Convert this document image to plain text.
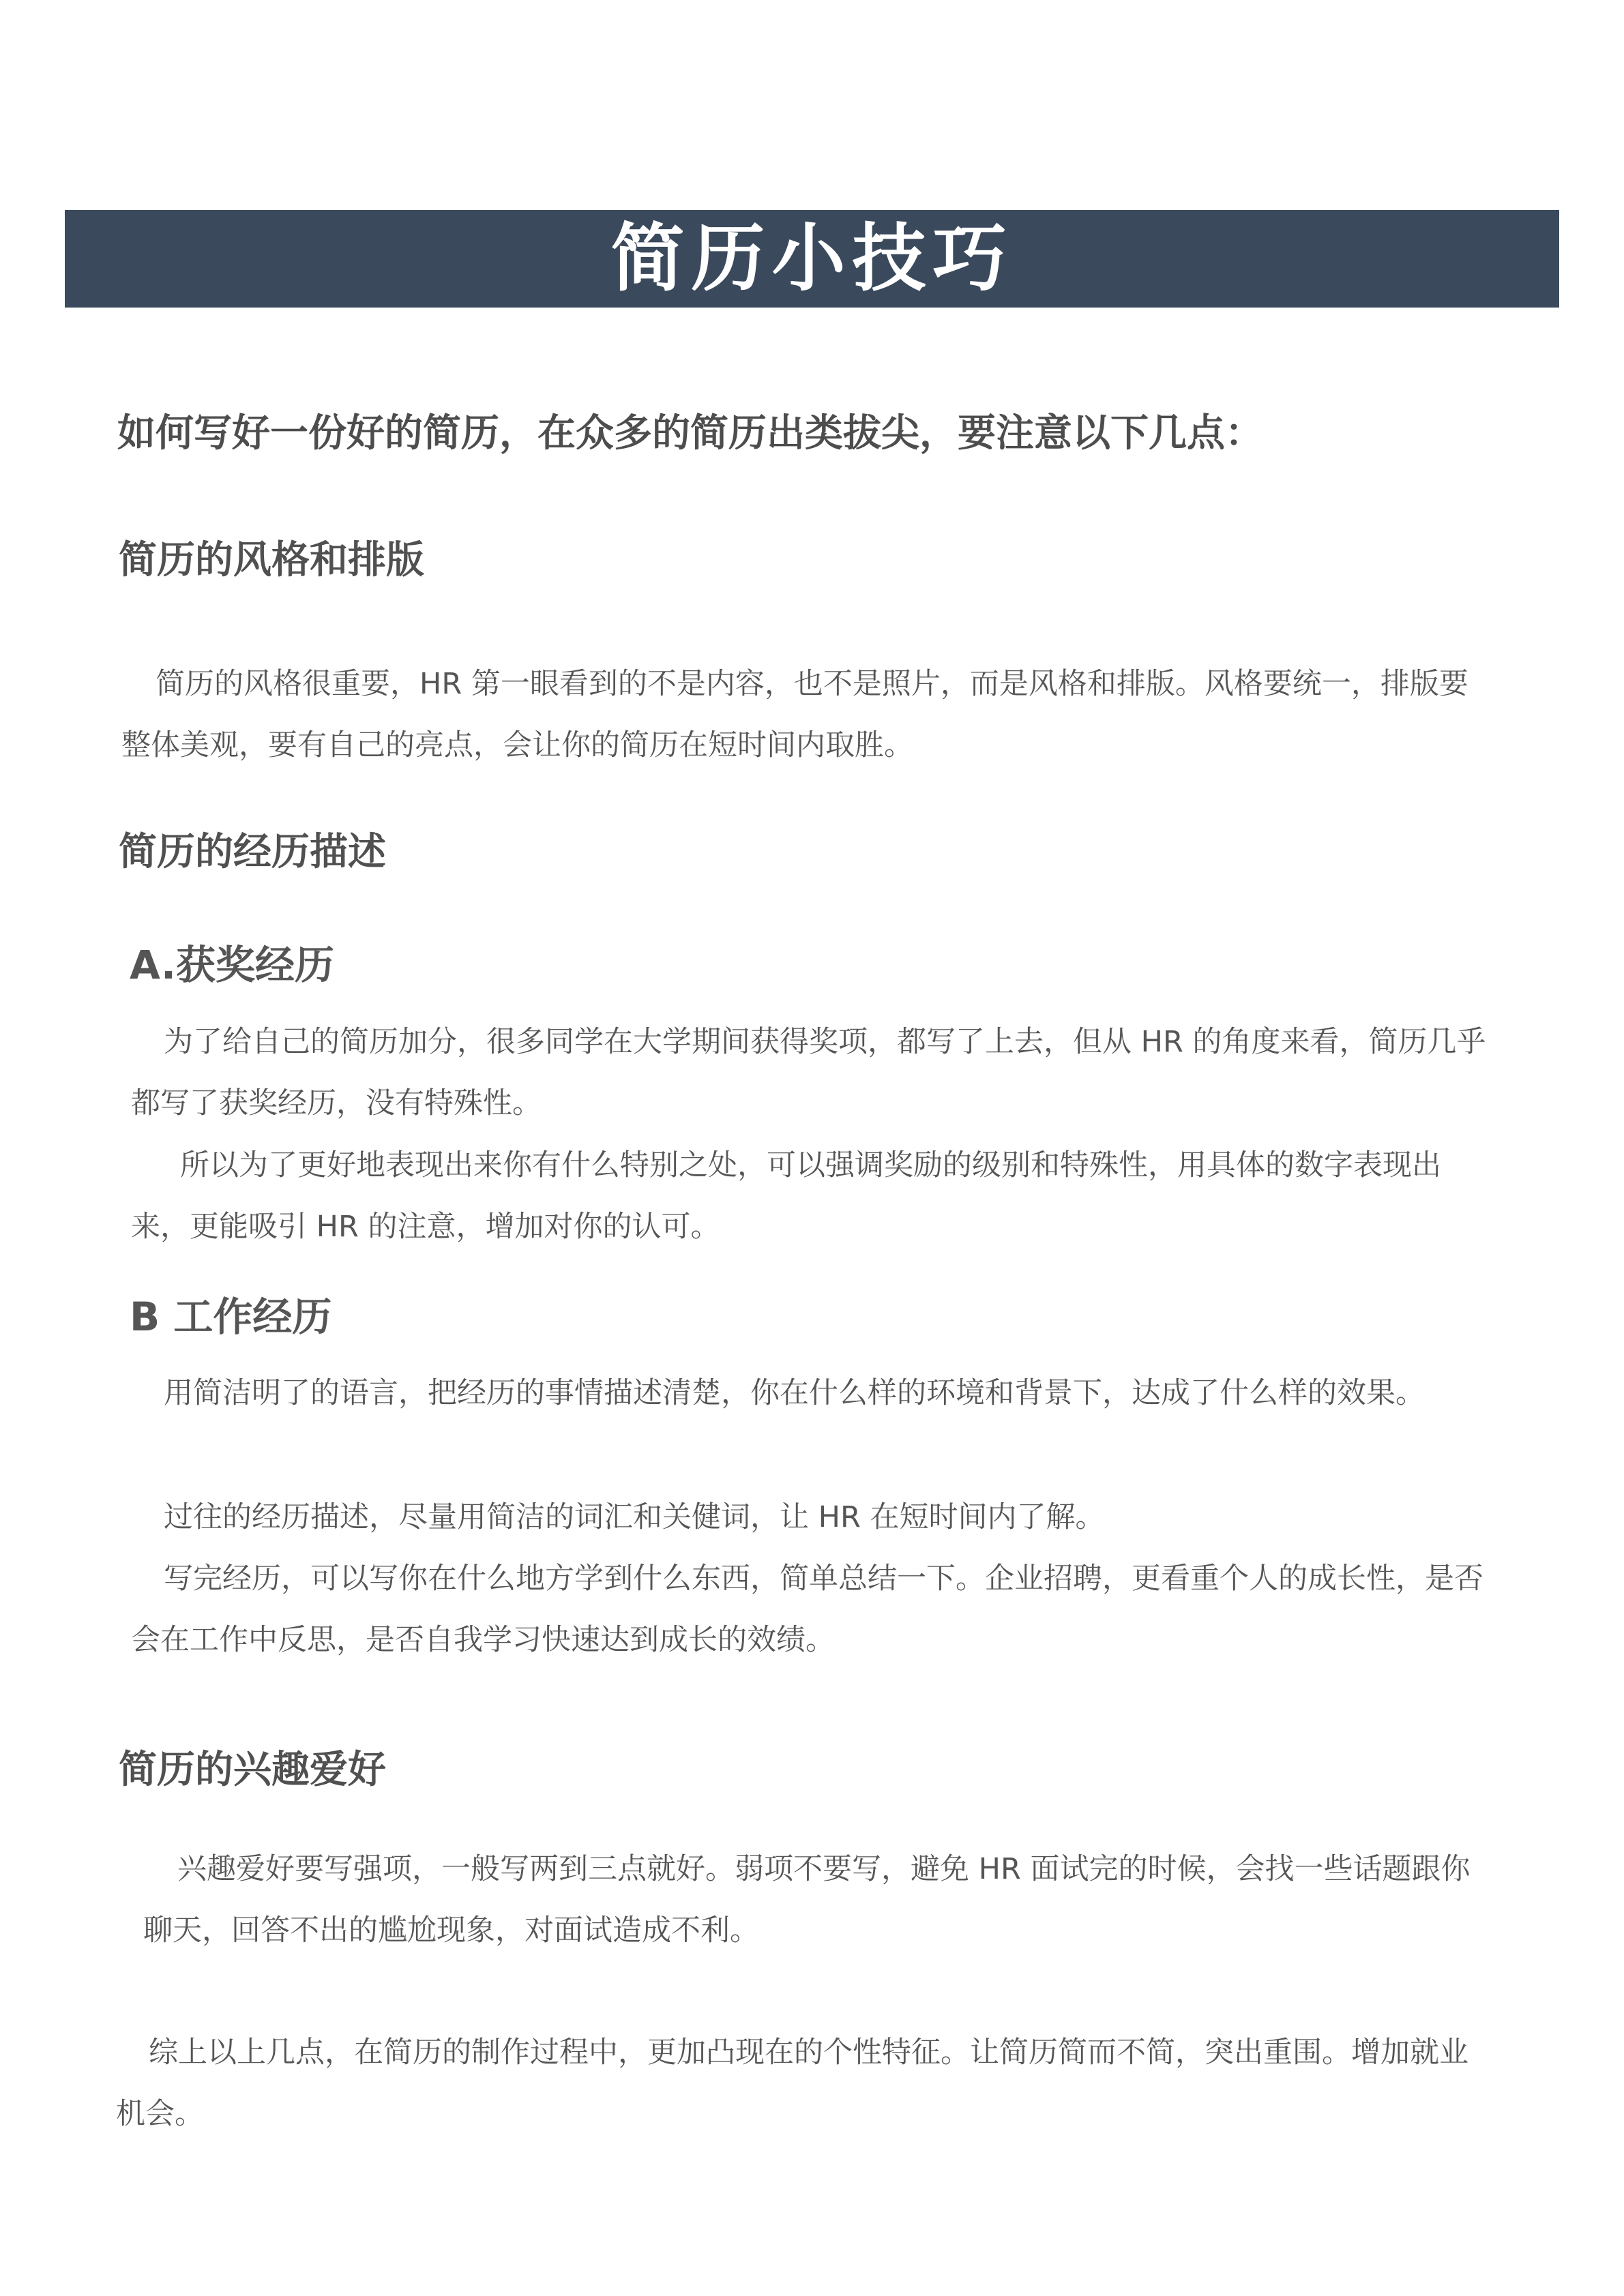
简历小技巧

如何写好一份好的简历，在众多的简历出类拔尖，要注意以下几点：

简历的风格和排版

简历的风格很重要，HR 第一眼看到的不是内容，也不是照片，而是风格和排版。风格要统一，排版要整体美观，要有自己的亮点，会让你的简历在短时间内取胜。

简历的经历描述
A.获奖经历

为了给自己的简历加分，很多同学在大学期间获得奖项，都写了上去，但从 HR 的角度来看，简历几乎都写了获奖经历，没有特殊性。

所以为了更好地表现出来你有什么特别之处，可以强调奖励的级别和特殊性，用具体的数字表现出来，更能吸引 HR 的注意，增加对你的认可。

B 工作经历

用简洁明了的语言，把经历的事情描述清楚，你在什么样的环境和背景下，达成了什么样的效果。

过往的经历描述，尽量用简洁的词汇和关健词，让 HR 在短时间内了解。

写完经历，可以写你在什么地方学到什么东西，简单总结一下。企业招聘，更看重个人的成长性，是否会在工作中反思，是否自我学习快速达到成长的效绩。

简历的兴趣爱好

兴趣爱好要写强项，一般写两到三点就好。弱项不要写，避免 HR 面试完的时候，会找一些话题跟你聊天，回答不出的尴尬现象，对面试造成不利。

综上以上几点，在简历的制作过程中，更加凸现在的个性特征。让简历简而不简，突出重围。增加就业机会。
